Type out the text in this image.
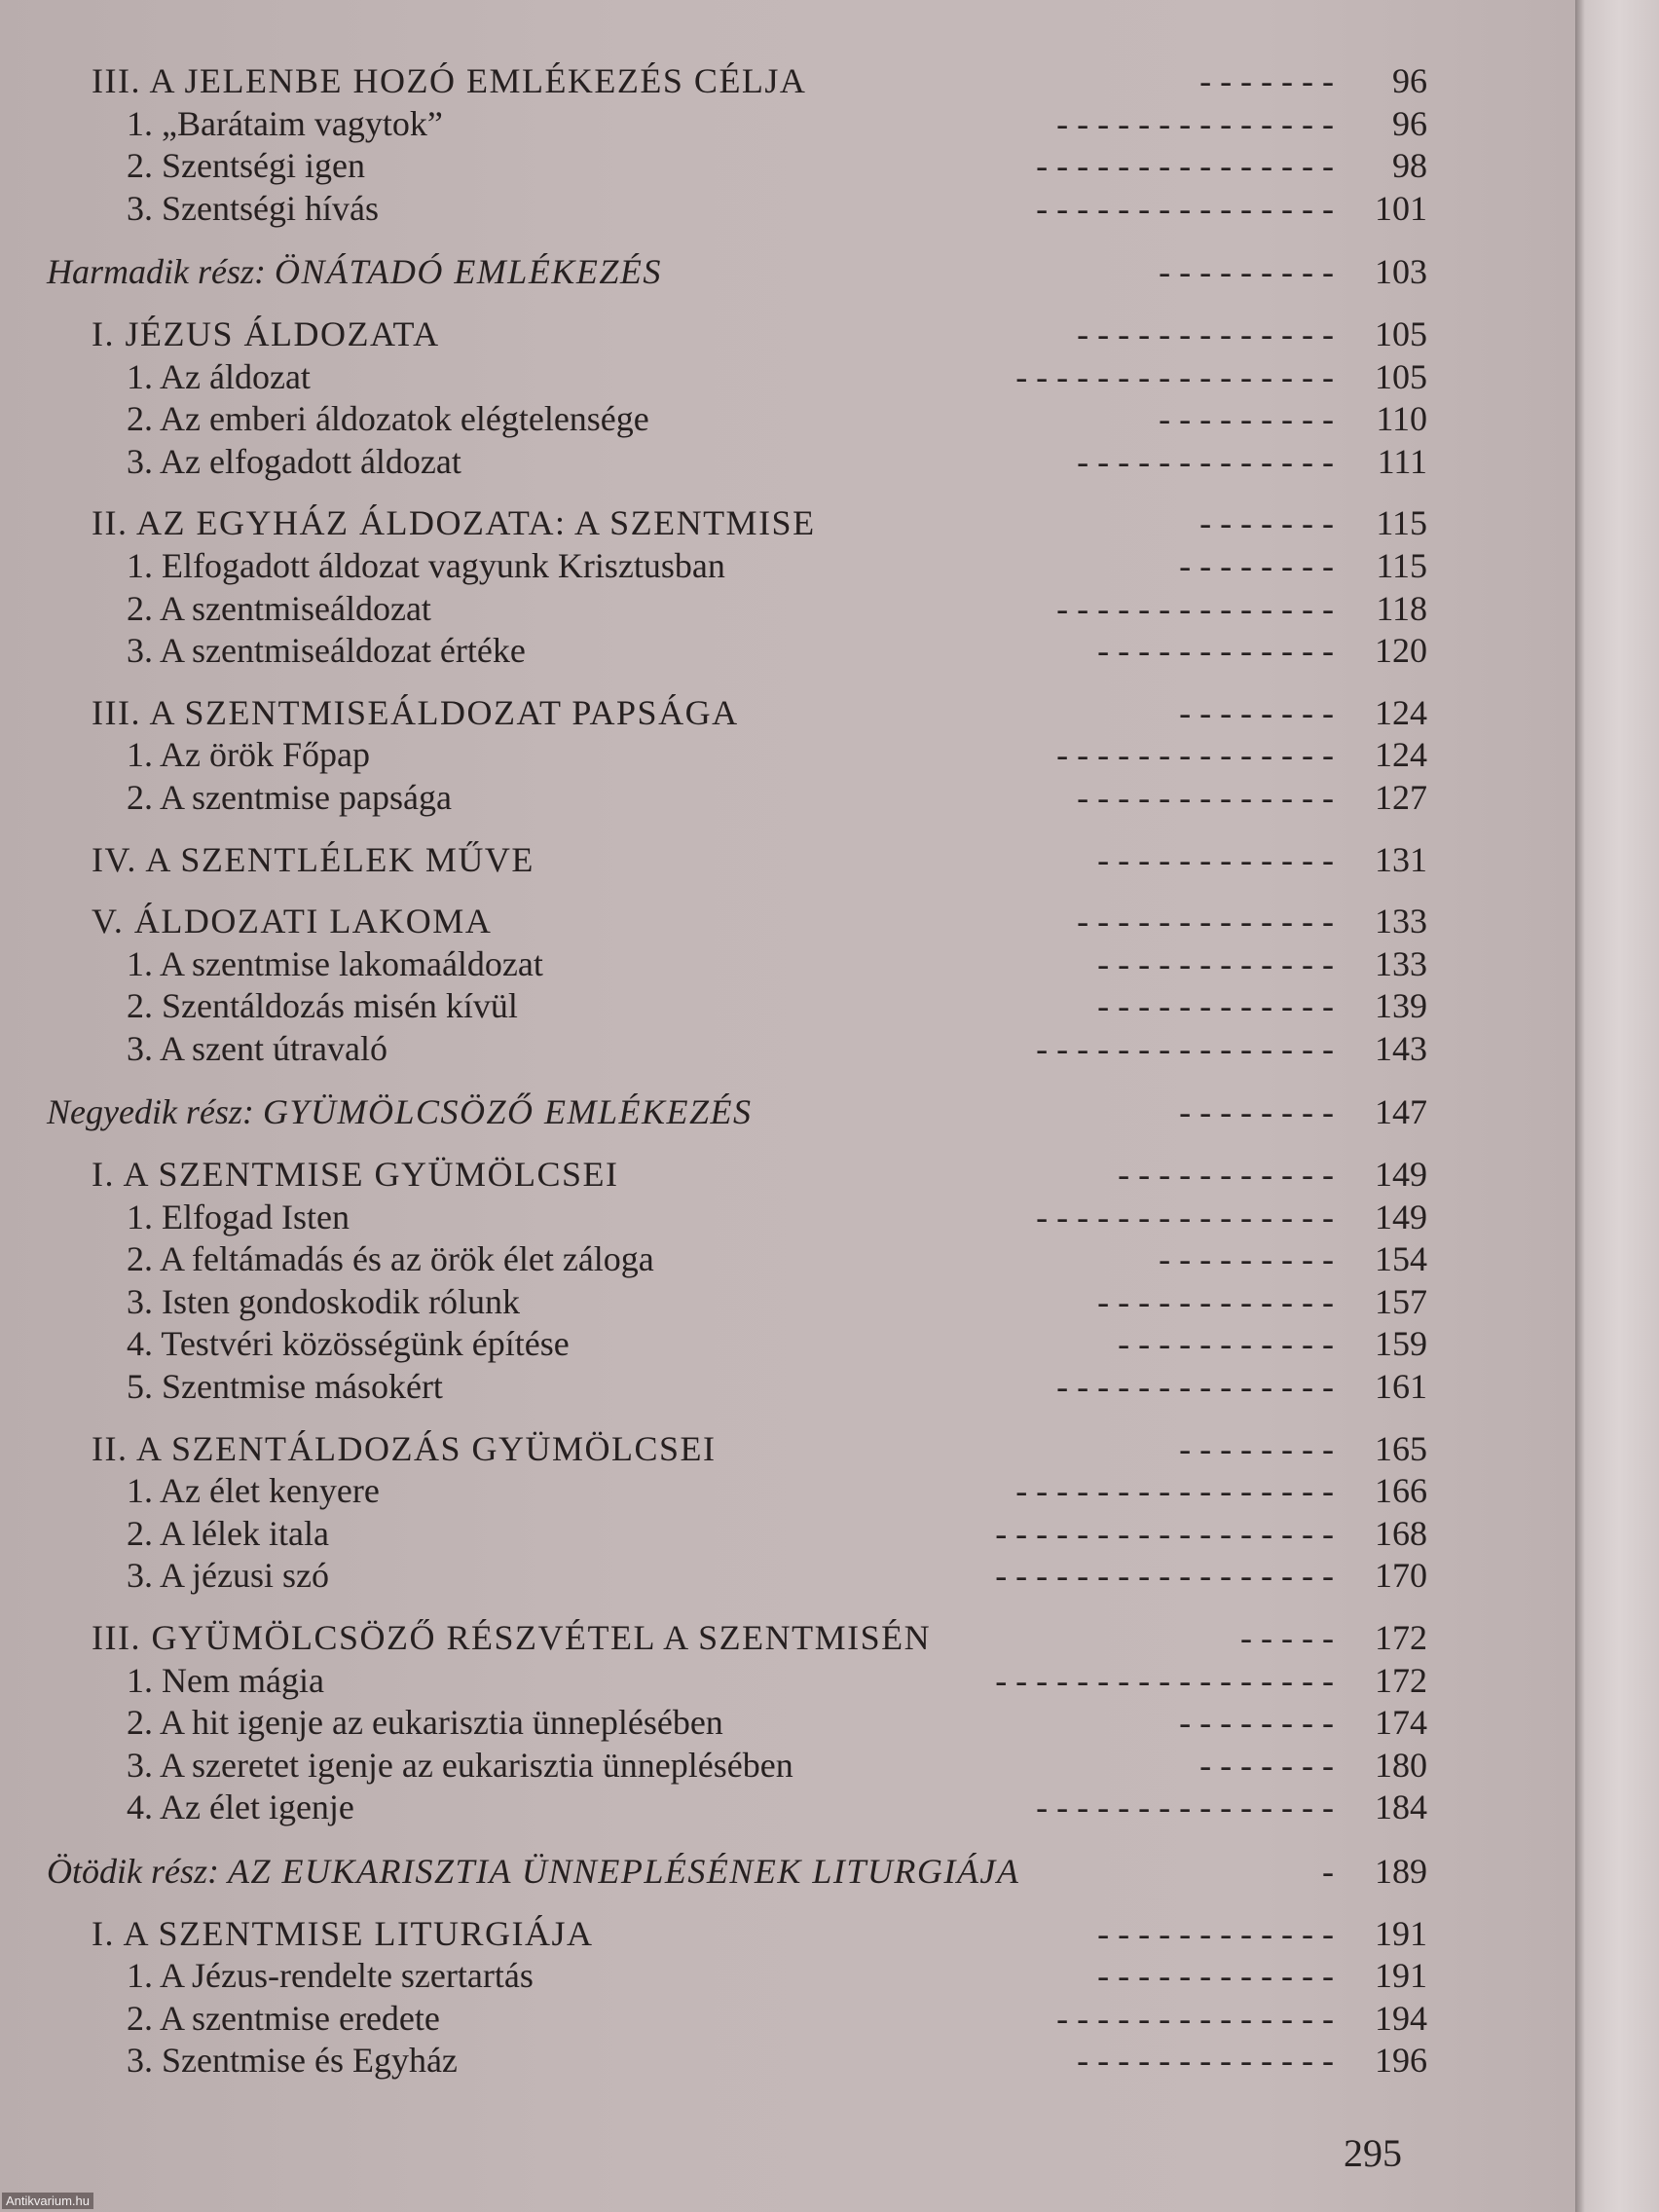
III. A JELENBE HOZÓ EMLÉKEZÉS CÉLJA	- - - - - - -	96
1. „Barátaim vagytok”	- - - - - - - - - - - - - -	96
2. Szentségi igen	- - - - - - - - - - - - - - -	98
3. Szentségi hívás	- - - - - - - - - - - - - - -	101
Harmadik rész: ÖNÁTADÓ EMLÉKEZÉS	- - - - - - - - -	103
I. JÉZUS ÁLDOZATA	- - - - - - - - - - - - -	105
1. Az áldozat	- - - - - - - - - - - - - - - -	105
2. Az emberi áldozatok elégtelensége	- - - - - - - - -	110
3. Az elfogadott áldozat	- - - - - - - - - - - - -	111
II. AZ EGYHÁZ ÁLDOZATA: A SZENTMISE	- - - - - - -	115
1. Elfogadott áldozat vagyunk Krisztusban	- - - - - - - -	115
2. A szentmiseáldozat	- - - - - - - - - - - - - -	118
3. A szentmiseáldozat értéke	- - - - - - - - - - - -	120
III. A SZENTMISEÁLDOZAT PAPSÁGA	- - - - - - - -	124
1. Az örök Főpap	- - - - - - - - - - - - - -	124
2. A szentmise papsága	- - - - - - - - - - - - -	127
IV. A SZENTLÉLEK MŰVE	- - - - - - - - - - - -	131
V. ÁLDOZATI LAKOMA	- - - - - - - - - - - - -	133
1. A szentmise lakomaáldozat	- - - - - - - - - - - -	133
2. Szentáldozás misén kívül	- - - - - - - - - - - -	139
3. A szent útravaló	- - - - - - - - - - - - - - -	143
Negyedik rész: GYÜMÖLCSÖZŐ EMLÉKEZÉS	- - - - - - - -	147
I. A SZENTMISE GYÜMÖLCSEI	- - - - - - - - - - -	149
1. Elfogad Isten	- - - - - - - - - - - - - - -	149
2. A feltámadás és az örök élet záloga	- - - - - - - - -	154
3. Isten gondoskodik rólunk	- - - - - - - - - - - -	157
4. Testvéri közösségünk építése	- - - - - - - - - - -	159
5. Szentmise másokért	- - - - - - - - - - - - - -	161
II. A SZENTÁLDOZÁS GYÜMÖLCSEI	- - - - - - - -	165
1. Az élet kenyere	- - - - - - - - - - - - - - - -	166
2. A lélek itala	- - - - - - - - - - - - - - - - -	168
3. A jézusi szó	- - - - - - - - - - - - - - - - -	170
III. GYÜMÖLCSÖZŐ RÉSZVÉTEL A SZENTMISÉN	- - - - -	172
1. Nem mágia	- - - - - - - - - - - - - - - - -	172
2. A hit igenje az eukarisztia ünneplésében	- - - - - - - -	174
3. A szeretet igenje az eukarisztia ünneplésében	- - - - - - -	180
4. Az élet igenje	- - - - - - - - - - - - - - -	184
Ötödik rész: AZ EUKARISZTIA ÜNNEPLÉSÉNEK LITURGIÁJA	-	189
I. A SZENTMISE LITURGIÁJA	- - - - - - - - - - - -	191
1. A Jézus-rendelte szertartás	- - - - - - - - - - - -	191
2. A szentmise eredete	- - - - - - - - - - - - - -	194
3. Szentmise és Egyház	- - - - - - - - - - - - -	196
295
Antikvarium.hu
